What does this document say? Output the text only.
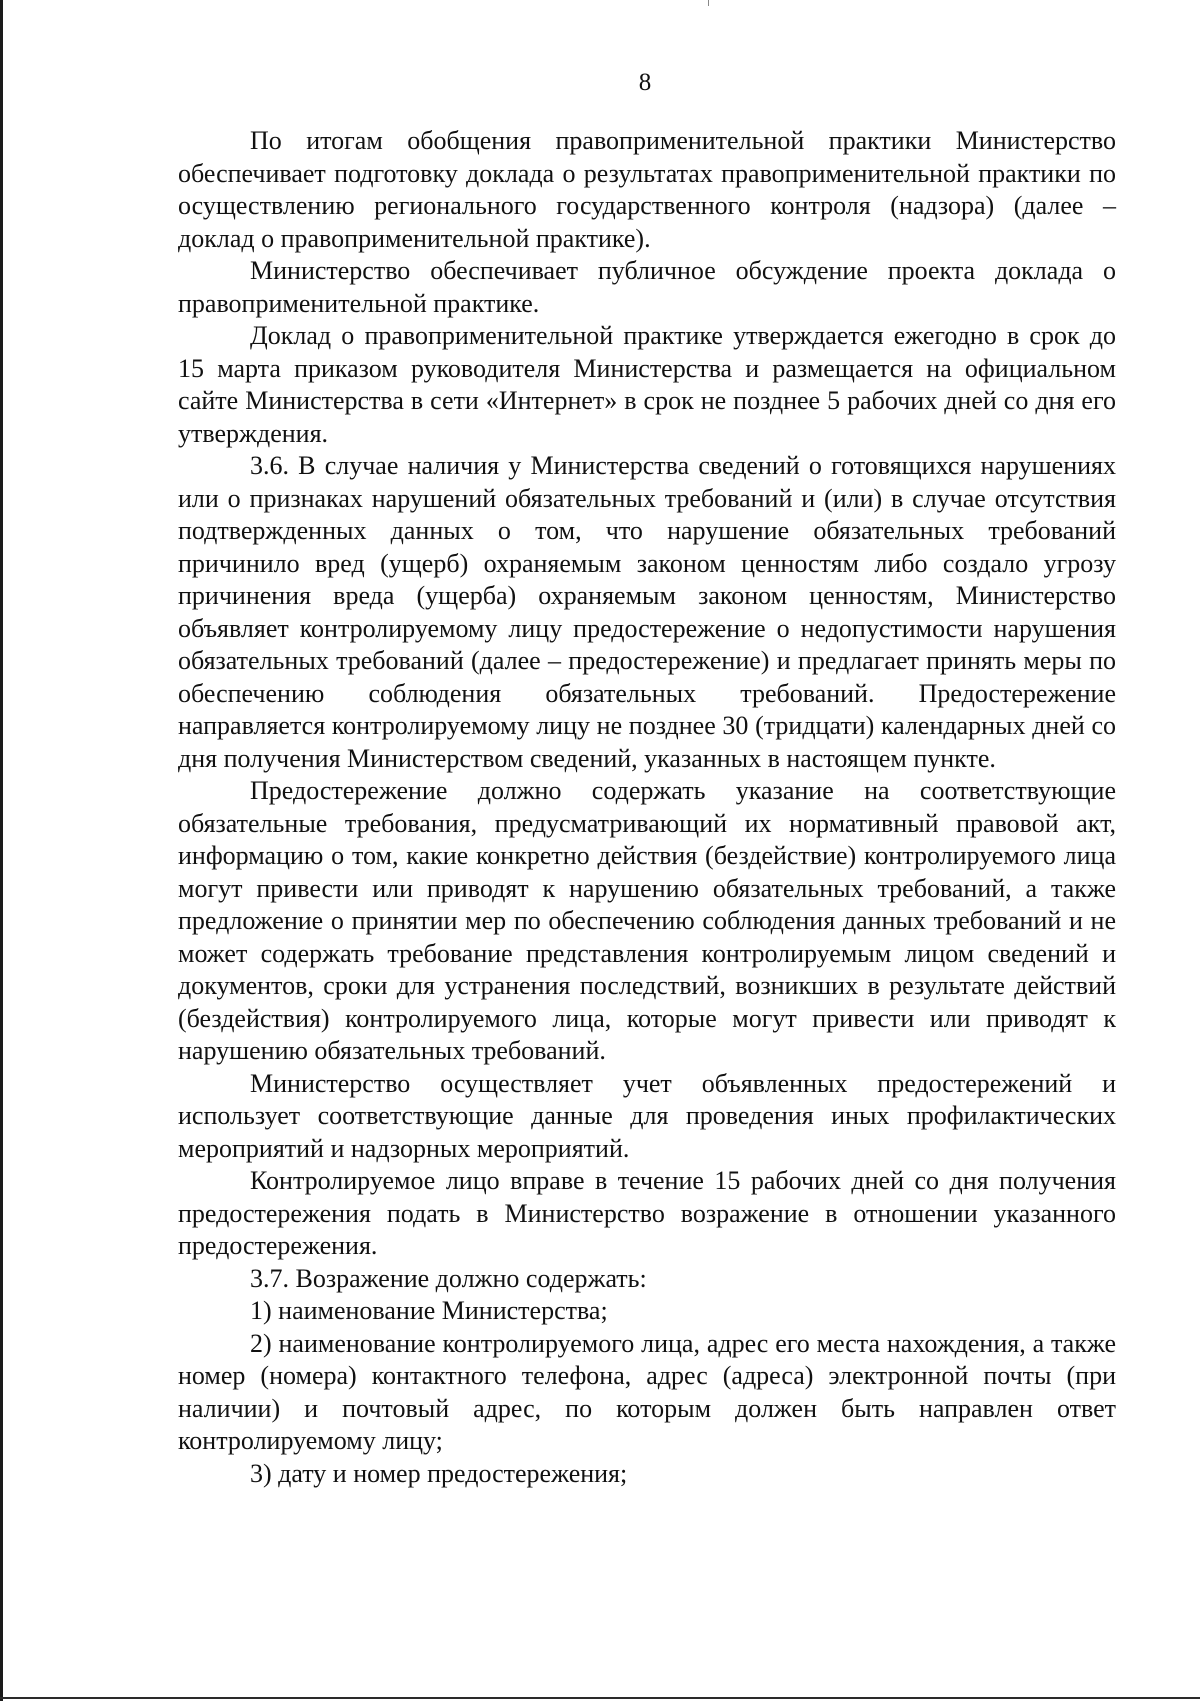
8

По итогам обобщения правоприменительной практики Министерство обеспечивает подготовку доклада о результатах правоприменительной практики по осуществлению регионального государственного контроля (надзора) (далее – доклад о правоприменительной практике).

Министерство обеспечивает публичное обсуждение проекта доклада о правоприменительной практике.

Доклад о правоприменительной практике утверждается ежегодно в срок до 15 марта приказом руководителя Министерства и размещается на официальном сайте Министерства в сети «Интернет» в срок не позднее 5 рабочих дней со дня его утверждения.

3.6. В случае наличия у Министерства сведений о готовящихся нарушениях или о признаках нарушений обязательных требований и (или) в случае отсутствия подтвержденных данных о том, что нарушение обязательных требований причинило вред (ущерб) охраняемым законом ценностям либо создало угрозу причинения вреда (ущерба) охраняемым законом ценностям, Министерство объявляет контролируемому лицу предостережение о недопустимости нарушения обязательных требований (далее – предостережение) и предлагает принять меры по обеспечению соблюдения обязательных требований. Предостережение направляется контролируемому лицу не позднее 30 (тридцати) календарных дней со дня получения Министерством сведений, указанных в настоящем пункте.

Предостережение должно содержать указание на соответствующие обязательные требования, предусматривающий их нормативный правовой акт, информацию о том, какие конкретно действия (бездействие) контролируемого лица могут привести или приводят к нарушению обязательных требований, а также предложение о принятии мер по обеспечению соблюдения данных требований и не может содержать требование представления контролируемым лицом сведений и документов, сроки для устранения последствий, возникших в результате действий (бездействия) контролируемого лица, которые могут привести или приводят к нарушению обязательных требований.

Министерство осуществляет учет объявленных предостережений и использует соответствующие данные для проведения иных профилактических мероприятий и надзорных мероприятий.

Контролируемое лицо вправе в течение 15 рабочих дней со дня получения предостережения подать в Министерство возражение в отношении указанного предостережения.

3.7. Возражение должно содержать:

1) наименование Министерства;

2) наименование контролируемого лица, адрес его места нахождения, а также номер (номера) контактного телефона, адрес (адреса) электронной почты (при наличии) и почтовый адрес, по которым должен быть направлен ответ контролируемому лицу;

3) дату и номер предостережения;
